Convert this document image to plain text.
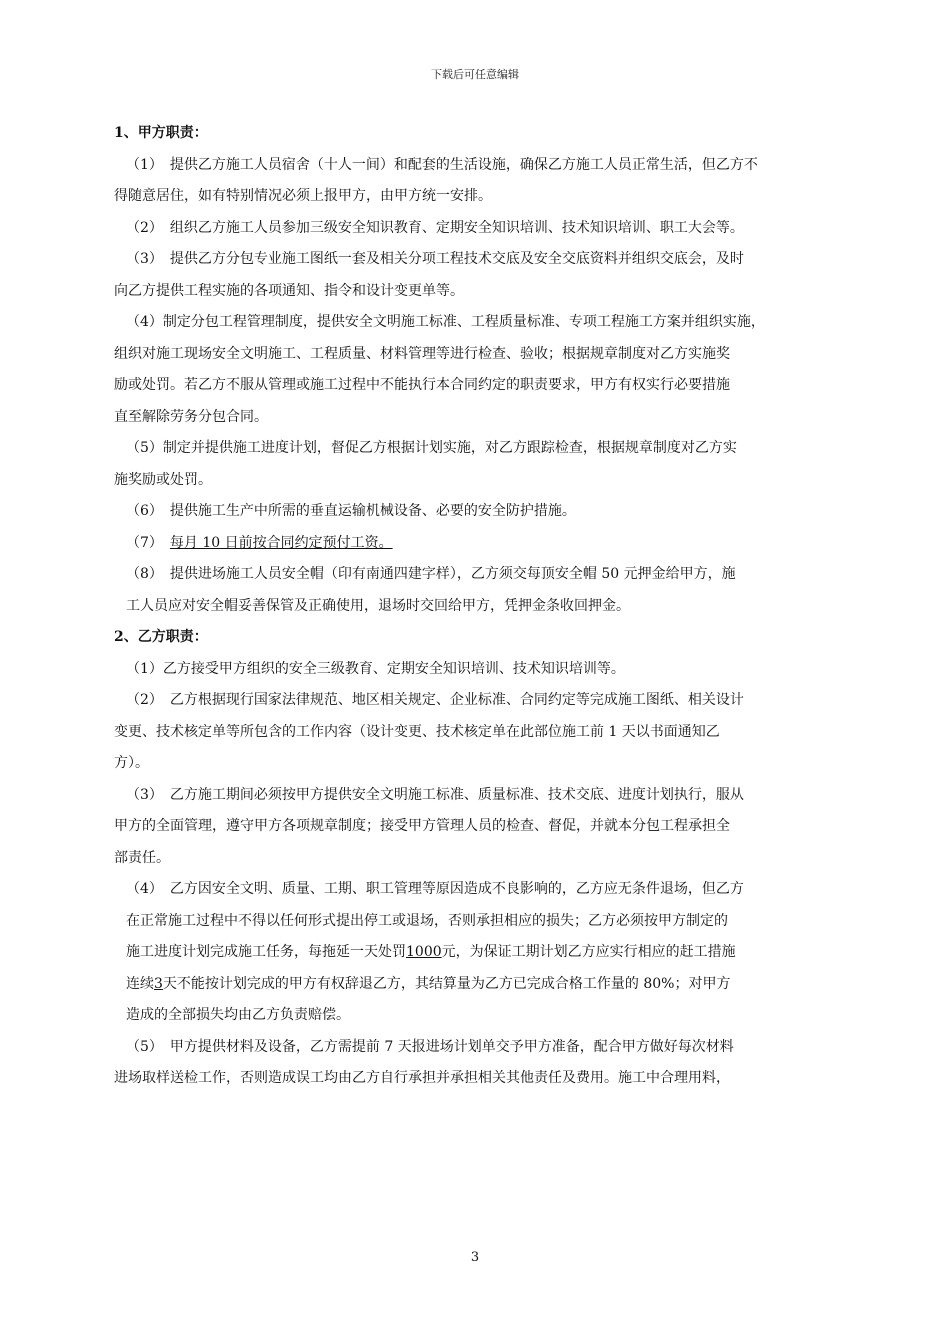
下载后可任意编辑

1、甲方职责：

（1）　提供乙方施工人员宿舍（十人一间）和配套的生活设施，确保乙方施工人员正常生活，但乙方不

得随意居住，如有特别情况必须上报甲方，由甲方统一安排。

（2）　组织乙方施工人员参加三级安全知识教育、定期安全知识培训、技术知识培训、职工大会等。

（3）　提供乙方分包专业施工图纸一套及相关分项工程技术交底及安全交底资料并组织交底会，及时

向乙方提供工程实施的各项通知、指令和设计变更单等。

（4）制定分包工程管理制度，提供安全文明施工标准、工程质量标准、专项工程施工方案并组织实施，

组织对施工现场安全文明施工、工程质量、材料管理等进行检查、验收；根据规章制度对乙方实施奖

励或处罚。若乙方不服从管理或施工过程中不能执行本合同约定的职责要求，甲方有权实行必要措施

直至解除劳务分包合同。

（5）制定并提供施工进度计划，督促乙方根据计划实施，对乙方跟踪检查，根据规章制度对乙方实

施奖励或处罚。

（6）　提供施工生产中所需的垂直运输机械设备、必要的安全防护措施。

（7）　每月 10 日前按合同约定预付工资。

（8）　提供进场施工人员安全帽（印有南通四建字样），乙方须交每顶安全帽 50 元押金给甲方，施

工人员应对安全帽妥善保管及正确使用，退场时交回给甲方，凭押金条收回押金。

2、乙方职责：

（1）乙方接受甲方组织的安全三级教育、定期安全知识培训、技术知识培训等。

（2）　乙方根据现行国家法律规范、地区相关规定、企业标准、合同约定等完成施工图纸、相关设计

变更、技术核定单等所包含的工作内容（设计变更、技术核定单在此部位施工前 1 天以书面通知乙

方）。

（3）　乙方施工期间必须按甲方提供安全文明施工标准、质量标准、技术交底、进度计划执行，服从

甲方的全面管理，遵守甲方各项规章制度；接受甲方管理人员的检查、督促，并就本分包工程承担全

部责任。

（4）　乙方因安全文明、质量、工期、职工管理等原因造成不良影响的，乙方应无条件退场，但乙方

在正常施工过程中不得以任何形式提出停工或退场，否则承担相应的损失；乙方必须按甲方制定的

施工进度计划完成施工任务，每拖延一天处罚1000元，为保证工期计划乙方应实行相应的赶工措施

连续3天不能按计划完成的甲方有权辞退乙方，其结算量为乙方已完成合格工作量的 80%；对甲方

造成的全部损失均由乙方负责赔偿。

（5）　甲方提供材料及设备，乙方需提前 7 天报进场计划单交予甲方准备，配合甲方做好每次材料

进场取样送检工作，否则造成误工均由乙方自行承担并承担相关其他责任及费用。施工中合理用料，

3
